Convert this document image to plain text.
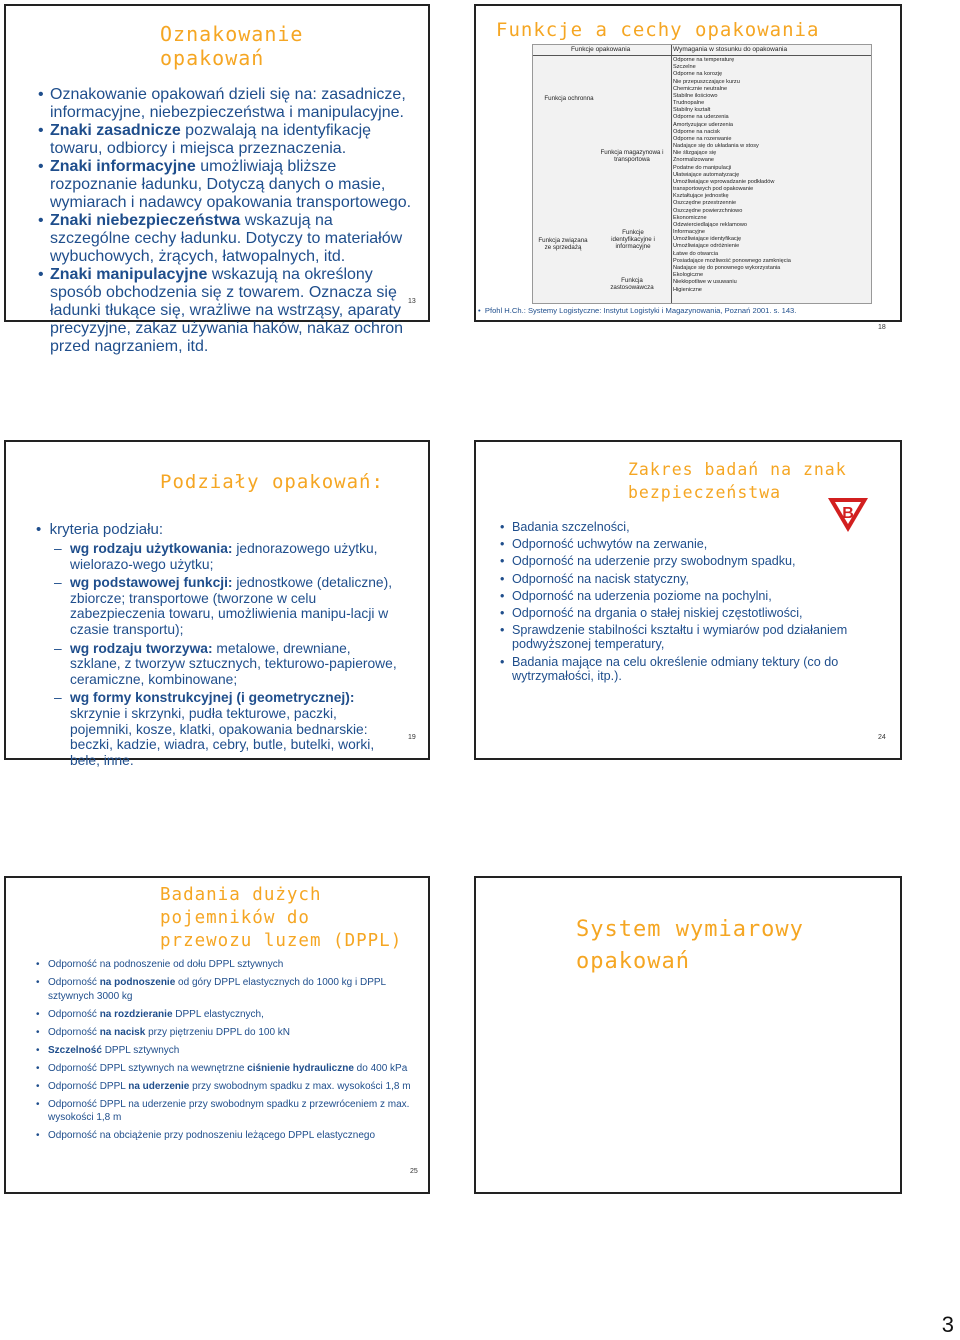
Oznakowanie
opakowań
• Oznakowanie opakowań dzieli się na: zasadnicze, informacyjne, niebezpieczeństwa i manipulacyjne.
• Znaki zasadnicze pozwalają na identyfikację towaru, odbiorcy i miejsca przeznaczenia.
• Znaki informacyjne umożliwiają bliższe rozpoznanie ładunku, Dotyczą danych o masie, wymiarach i nadawcy opakowania transportowego.
• Znaki niebezpieczeństwa wskazują na szczególne cechy ładunku. Dotyczy to materiałów wybuchowych, żrących, łatwopalnych, itd.
• Znaki manipulacyjne wskazują na określony sposób obchodzenia się z towarem. Oznacza się ładunki tłukące się, wrażliwe na wstrząsy, aparaty precyzyjne, zakaz używania haków, nakaz ochron przed nagrzaniem, itd.
13
Funkcje a cechy opakowania
Funkcje opakowania	Wymagania w stosunku do opakowania
Funkcja ochronna
Funkcja magazynowa i transportowa
Funkcja związana ze sprzedażą
Funkcje identyfikacyjne i informacyjne
Funkcja zastosowawcza
Odporne na temperaturę
Szczelne
Odporne na korozję
Nie przepuszczające kurzu
Chemicznie neutralne
Stabilne ilościowo
Trudnopalne
Stabilny kształt
Odporne na uderzenia
Amortyzujące uderzenia
Odporne na nacisk
Odporne na rozerwanie
Nadające się do układania w stosy
Nie ślizgające się
Znormalizowane
Podatne do manipulacji
Ułatwiające automatyzację
Umożliwiające wprowadzanie podkładów
transportowych pod opakowanie
Kształtujące jednostkę
Oszczędne przestrzennie
Oszczędne powierzchniowo
Ekonomiczne
Odzwierciedlające reklamowo
Informacyjne
Umożliwiające identyfikację
Umożliwiające odróżnienie
Łatwe do otwarcia
Posiadające możliwość ponownego zamknięcia
Nadające się do ponownego wykorzystania
Ekologiczne
Niekłopotliwe w usuwaniu
Higieniczne
18
•  Pfohl H.Ch.: Systemy Logistyczne: Instytut Logistyki i Magazynowania, Poznań 2001. s. 143.
Podziały opakowań:
•  kryteria podziału:
– wg rodzaju użytkowania: jednorazowego użytku, wielorazo-wego użytku;
– wg podstawowej funkcji: jednostkowe (detaliczne), zbiorcze; transportowe (tworzone w celu zabezpieczenia towaru, umożliwienia manipu-lacji w czasie transportu);
– wg rodzaju tworzywa: metalowe, drewniane, szklane, z tworzyw sztucznych, tekturowo-papierowe, ceramiczne, kombinowane;
– wg formy konstrukcyjnej (i geometrycznej): skrzynie i skrzynki, pudła tekturowe, paczki, pojemniki, kosze, klatki, opakowania bednarskie: beczki, kadzie, wiadra, cebry, butle, butelki, worki, bele, inne.
19
Zakres badań na znak
bezpieczeństwa
B
• Badania szczelności,
• Odporność uchwytów na zerwanie,
• Odporność na uderzenie przy swobodnym spadku,
• Odporność na nacisk statyczny,
• Odporność na uderzenia poziome na pochylni,
• Odporność na drgania o stałej niskiej częstotliwości,
• Sprawdzenie stabilności kształtu i wymiarów pod działaniem podwyższonej temperatury,
• Badania mające na celu określenie odmiany tektury (co do wytrzymałości, itp.).
24
Badania dużych
pojemników do
przewozu luzem (DPPL)
• Odporność na podnoszenie od dołu DPPL sztywnych
• Odporność na podnoszenie od góry DPPL elastycznych do 1000 kg i DPPL sztywnych 3000 kg
• Odporność na rozdzieranie DPPL elastycznych,
• Odporność na nacisk przy piętrzeniu DPPL do 100 kN
• Szczelność DPPL sztywnych
• Odporność DPPL sztywnych na wewnętrzne ciśnienie hydrauliczne do 400 kPa
• Odporność DPPL na uderzenie przy swobodnym spadku z max. wysokości 1,8 m
• Odporność DPPL na uderzenie przy swobodnym spadku z przewróceniem z max. wysokości 1,8 m
• Odporność na obciążenie przy podnoszeniu leżącego DPPL elastycznego
25
System wymiarowy
opakowań
3
